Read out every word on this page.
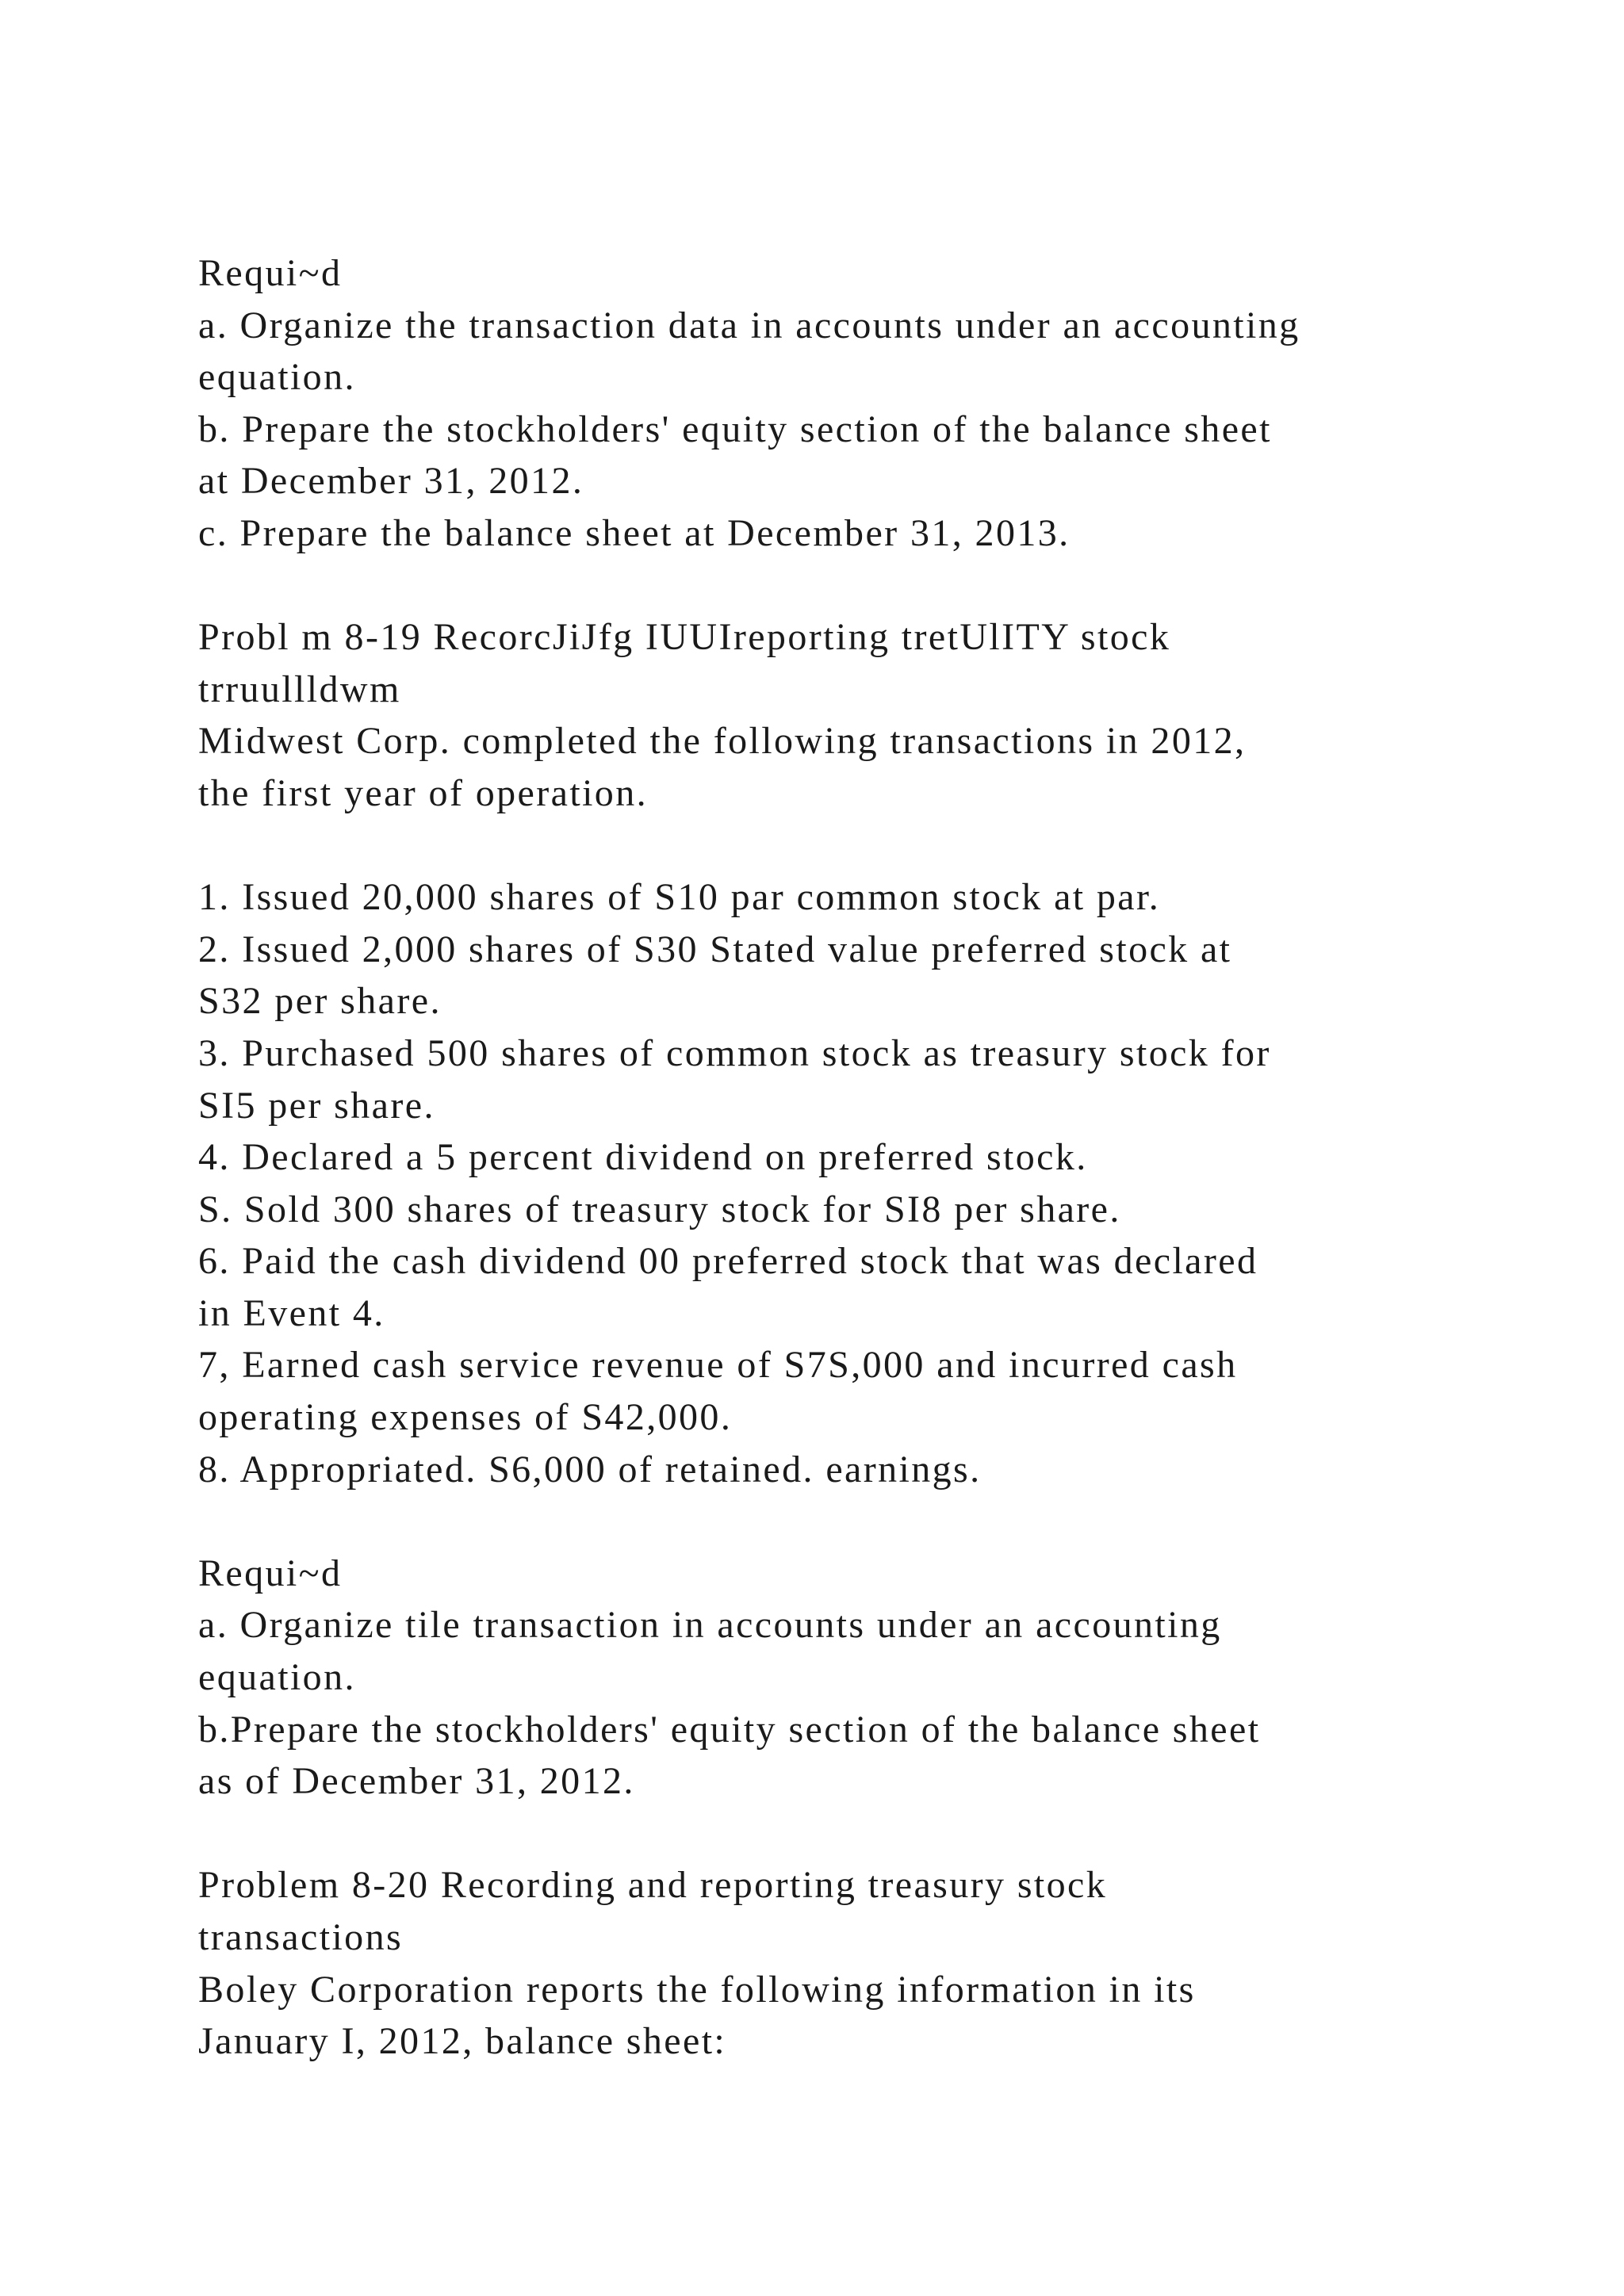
Requi~d
a. Organize the transaction data in accounts under an accounting
equation.
b. Prepare the stockholders' equity section of the balance sheet
at December 31, 2012.
c. Prepare the balance sheet at December 31, 2013.
Probl m 8-19 RecorcJiJfg IUUIreporting tretUlITY stock
trruullldwm
Midwest Corp. completed the following transactions in 2012,
the first year of operation.
1. Issued 20,000 shares of S10 par common stock at par.
2. Issued 2,000 shares of S30 Stated value preferred stock at
S32 per share.
3. Purchased 500 shares of common stock as treasury stock for
SI5 per share.
4. Declared a 5 percent dividend on preferred stock.
S. Sold 300 shares of treasury stock for SI8 per share.
6. Paid the cash dividend 00 preferred stock that was declared
in Event 4.
7, Earned cash service revenue of S7S,000 and incurred cash
operating expenses of S42,000.
8. Appropriated. S6,000 of retained. earnings.
Requi~d
a. Organize tile transaction in accounts under an accounting
equation.
b.Prepare the stockholders' equity section of the balance sheet
as of December 31, 2012.
Problem 8-20 Recording and reporting treasury stock
transactions
Boley Corporation reports the following information in its
January I, 2012, balance sheet:
